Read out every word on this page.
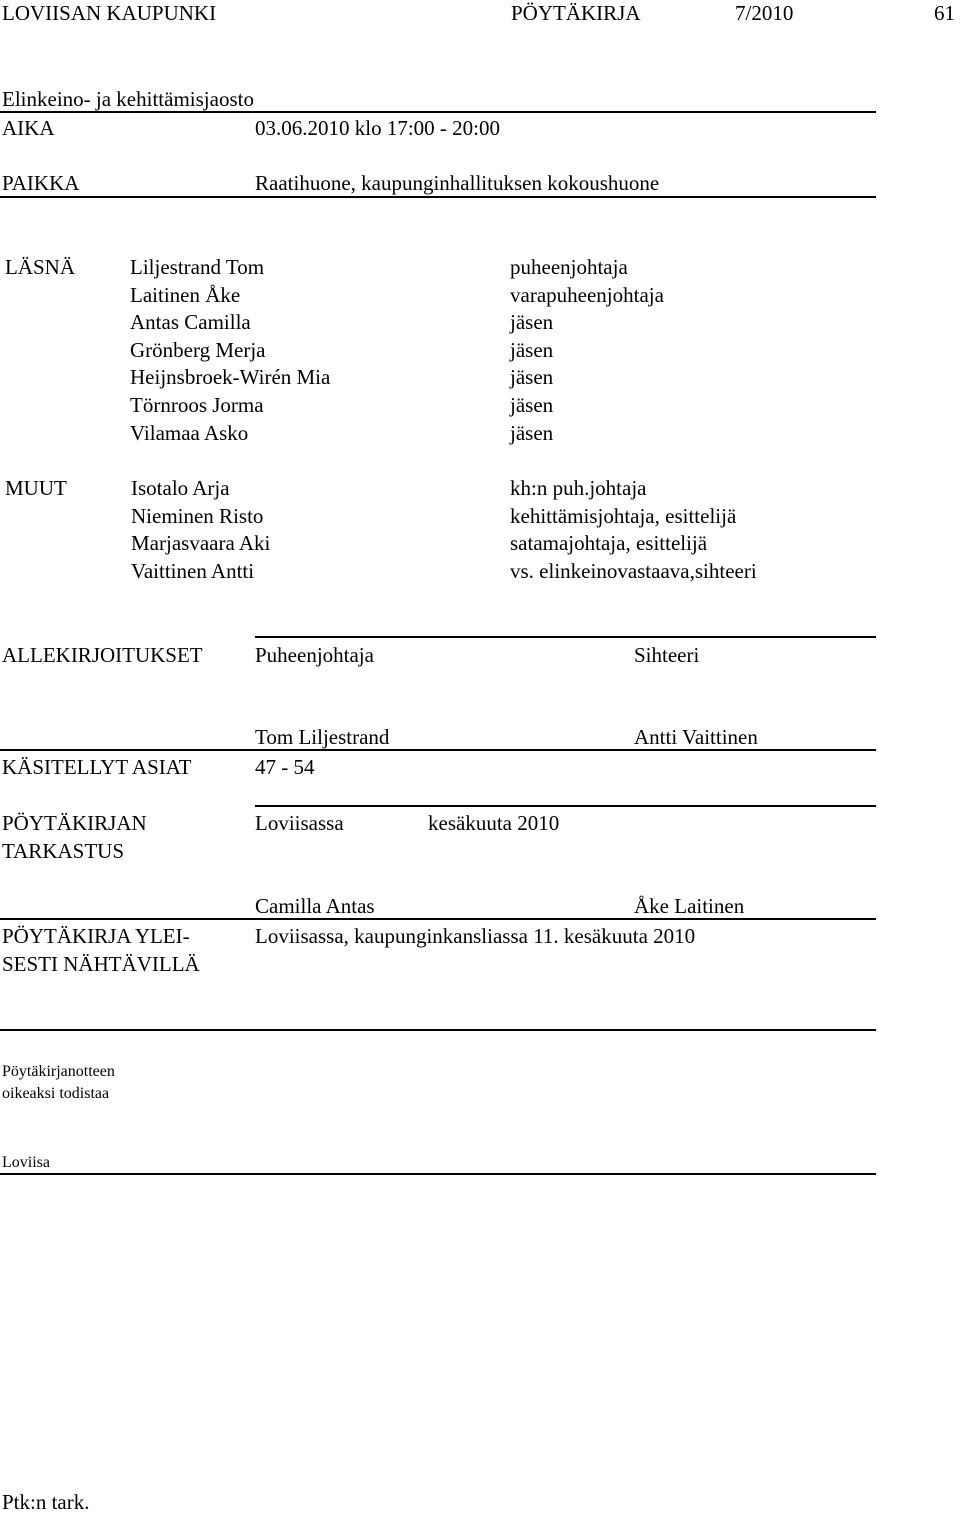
LOVIISAN KAUPUNKI	PÖYTÄKIRJA	7/2010	61
Elinkeino- ja kehittämisjaosto
AIKA	03.06.2010 klo 17:00 - 20:00
PAIKKA	Raatihuone, kaupunginhallituksen kokoushuone
LÄSNÄ	Liljestrand Tom	puheenjohtaja
Laitinen Åke	varapuheenjohtaja
Antas Camilla	jäsen
Grönberg Merja	jäsen
Heijnsbroek-Wirén Mia	jäsen
Törnroos Jorma	jäsen
Vilamaa Asko	jäsen
MUUT	Isotalo Arja	kh:n puh.johtaja
Nieminen Risto	kehittämisjohtaja, esittelijä
Marjasvaara Aki	satamajohtaja, esittelijä
Vaittinen Antti	vs. elinkeinovastaava,sihteeri
ALLEKIRJOITUKSET Puheenjohtaja	Sihteeri
Tom Liljestrand	Antti Vaittinen
KÄSITELLYT ASIAT	47 - 54
PÖYTÄKIRJAN
TARKASTUS
Loviisassa	kesäkuuta 2010
Camilla Antas	Åke Laitinen
PÖYTÄKIRJA YLEI-
SESTI NÄHTÄVILLÄ
Loviisassa, kaupunginkansliassa 11. kesäkuuta 2010
Pöytäkirjanotteen
oikeaksi todistaa
Loviisa
Ptk:n tark.
